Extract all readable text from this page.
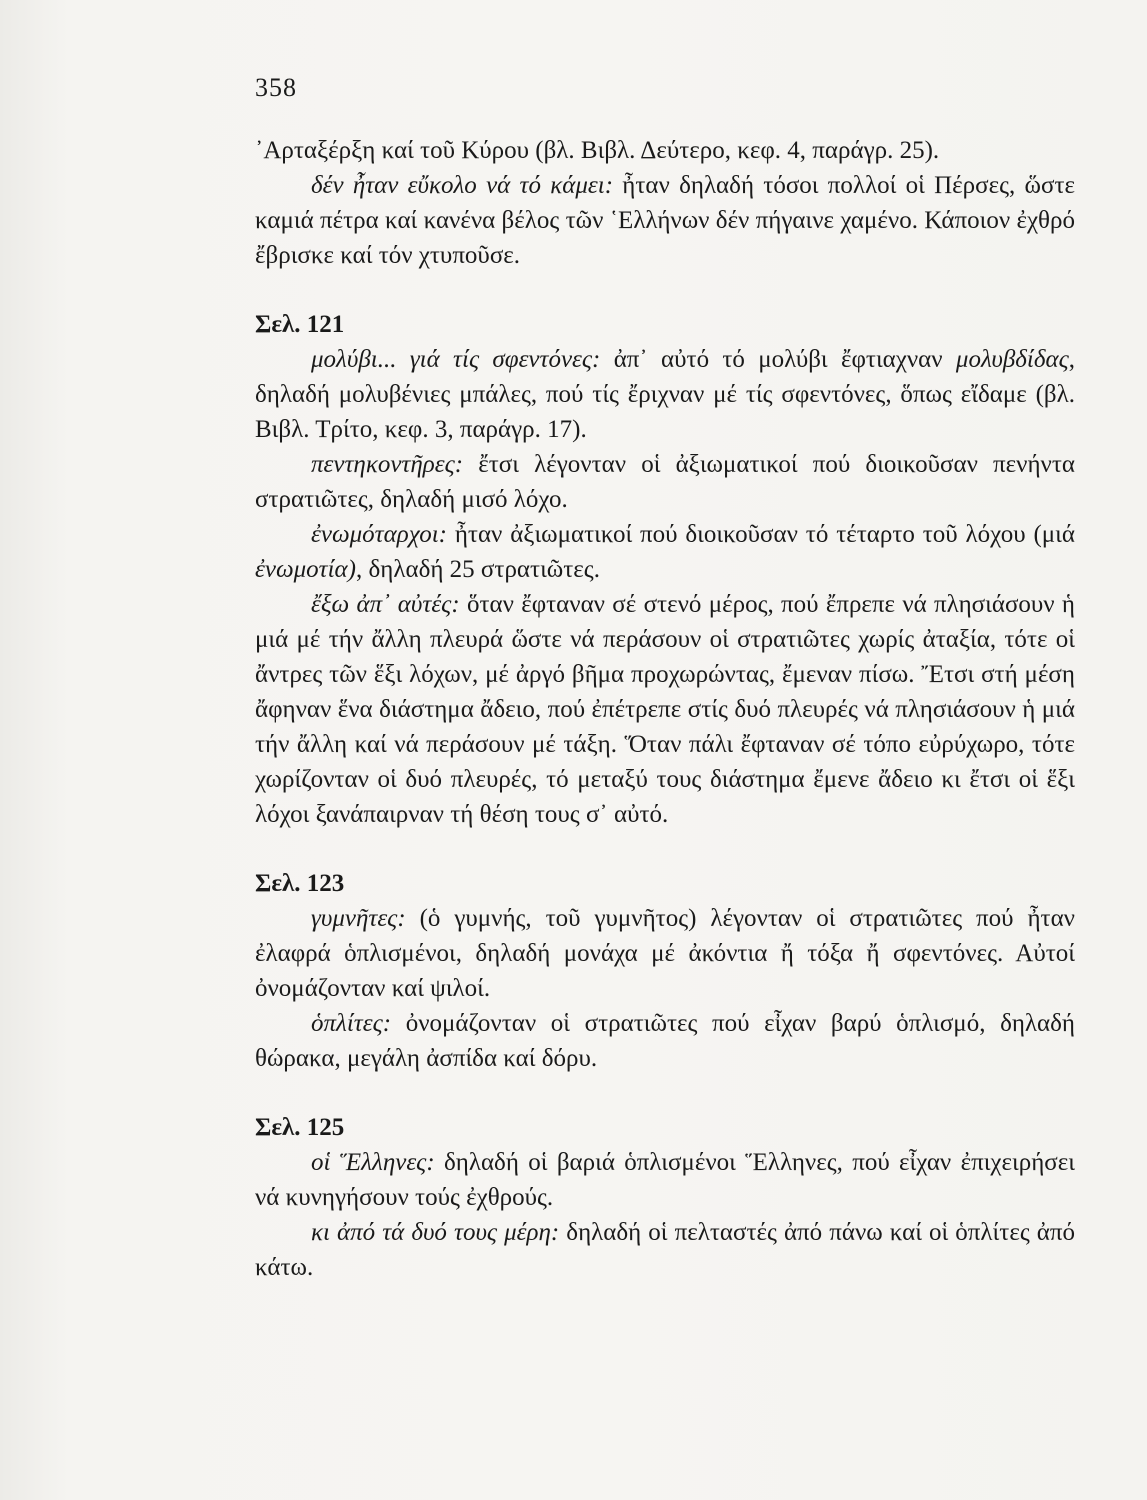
358

᾿Αρταξέρξη καί τοῦ Κύρου (βλ. Βιβλ. Δεύτερο, κεφ. 4, παράγρ. 25).

δέν ἦταν εὔκολο νά τό κάμει: ἦταν δηλαδή τόσοι πολλοί οἱ Πέρσες, ὥστε καμιά πέτρα καί κανένα βέλος τῶν ῾Ελλήνων δέν πήγαινε χαμένο. Κάποιον ἐχθρό ἔβρισκε καί τόν χτυποῦσε.

Σελ. 121

μολύβι... γιά τίς σφεντόνες: ἀπ᾿ αὐτό τό μολύβι ἔφτιαχναν μολυβδίδας, δηλαδή μολυβένιες μπάλες, πού τίς ἔριχναν μέ τίς σφεντόνες, ὅπως εἴδαμε (βλ. Βιβλ. Τρίτο, κεφ. 3, παράγρ. 17).

πεντηκοντῆρες: ἔτσι λέγονταν οἱ ἀξιωματικοί πού διοικοῦσαν πενήντα στρατιῶτες, δηλαδή μισό λόχο.

ἐνωμόταρχοι: ἦταν ἀξιωματικοί πού διοικοῦσαν τό τέταρτο τοῦ λόχου (μιά ἐνωμοτία), δηλαδή 25 στρατιῶτες.

ἔξω ἀπ᾿ αὐτές: ὅταν ἔφταναν σέ στενό μέρος, πού ἔπρεπε νά πλησιάσουν ἡ μιά μέ τήν ἄλλη πλευρά ὥστε νά περάσουν οἱ στρατιῶτες χωρίς ἀταξία, τότε οἱ ἄντρες τῶν ἕξι λόχων, μέ ἀργό βῆμα προχωρώντας, ἔμεναν πίσω. Ἔτσι στή μέση ἄφηναν ἕνα διάστημα ἄδειο, πού ἐπέτρεπε στίς δυό πλευρές νά πλησιάσουν ἡ μιά τήν ἄλλη καί νά περάσουν μέ τάξη. Ὅταν πάλι ἔφταναν σέ τόπο εὐρύχωρο, τότε χωρίζονταν οἱ δυό πλευρές, τό μεταξύ τους διάστημα ἔμενε ἄδειο κι ἔτσι οἱ ἕξι λόχοι ξανάπαιρναν τή θέση τους σ᾿ αὐτό.

Σελ. 123

γυμνῆτες: (ὁ γυμνής, τοῦ γυμνῆτος) λέγονταν οἱ στρατιῶτες πού ἦταν ἐλαφρά ὁπλισμένοι, δηλαδή μονάχα μέ ἀκόντια ἤ τόξα ἤ σφεντόνες. Αὐτοί ὀνομάζονταν καί ψιλοί.

ὁπλίτες: ὀνομάζονταν οἱ στρατιῶτες πού εἶχαν βαρύ ὁπλισμό, δηλαδή θώρακα, μεγάλη ἀσπίδα καί δόρυ.

Σελ. 125

οἱ Ἕλληνες: δηλαδή οἱ βαριά ὁπλισμένοι Ἕλληνες, πού εἶχαν ἐπιχειρήσει νά κυνηγήσουν τούς ἐχθρούς.

κι ἀπό τά δυό τους μέρη: δηλαδή οἱ πελταστές ἀπό πάνω καί οἱ ὁπλίτες ἀπό κάτω.
